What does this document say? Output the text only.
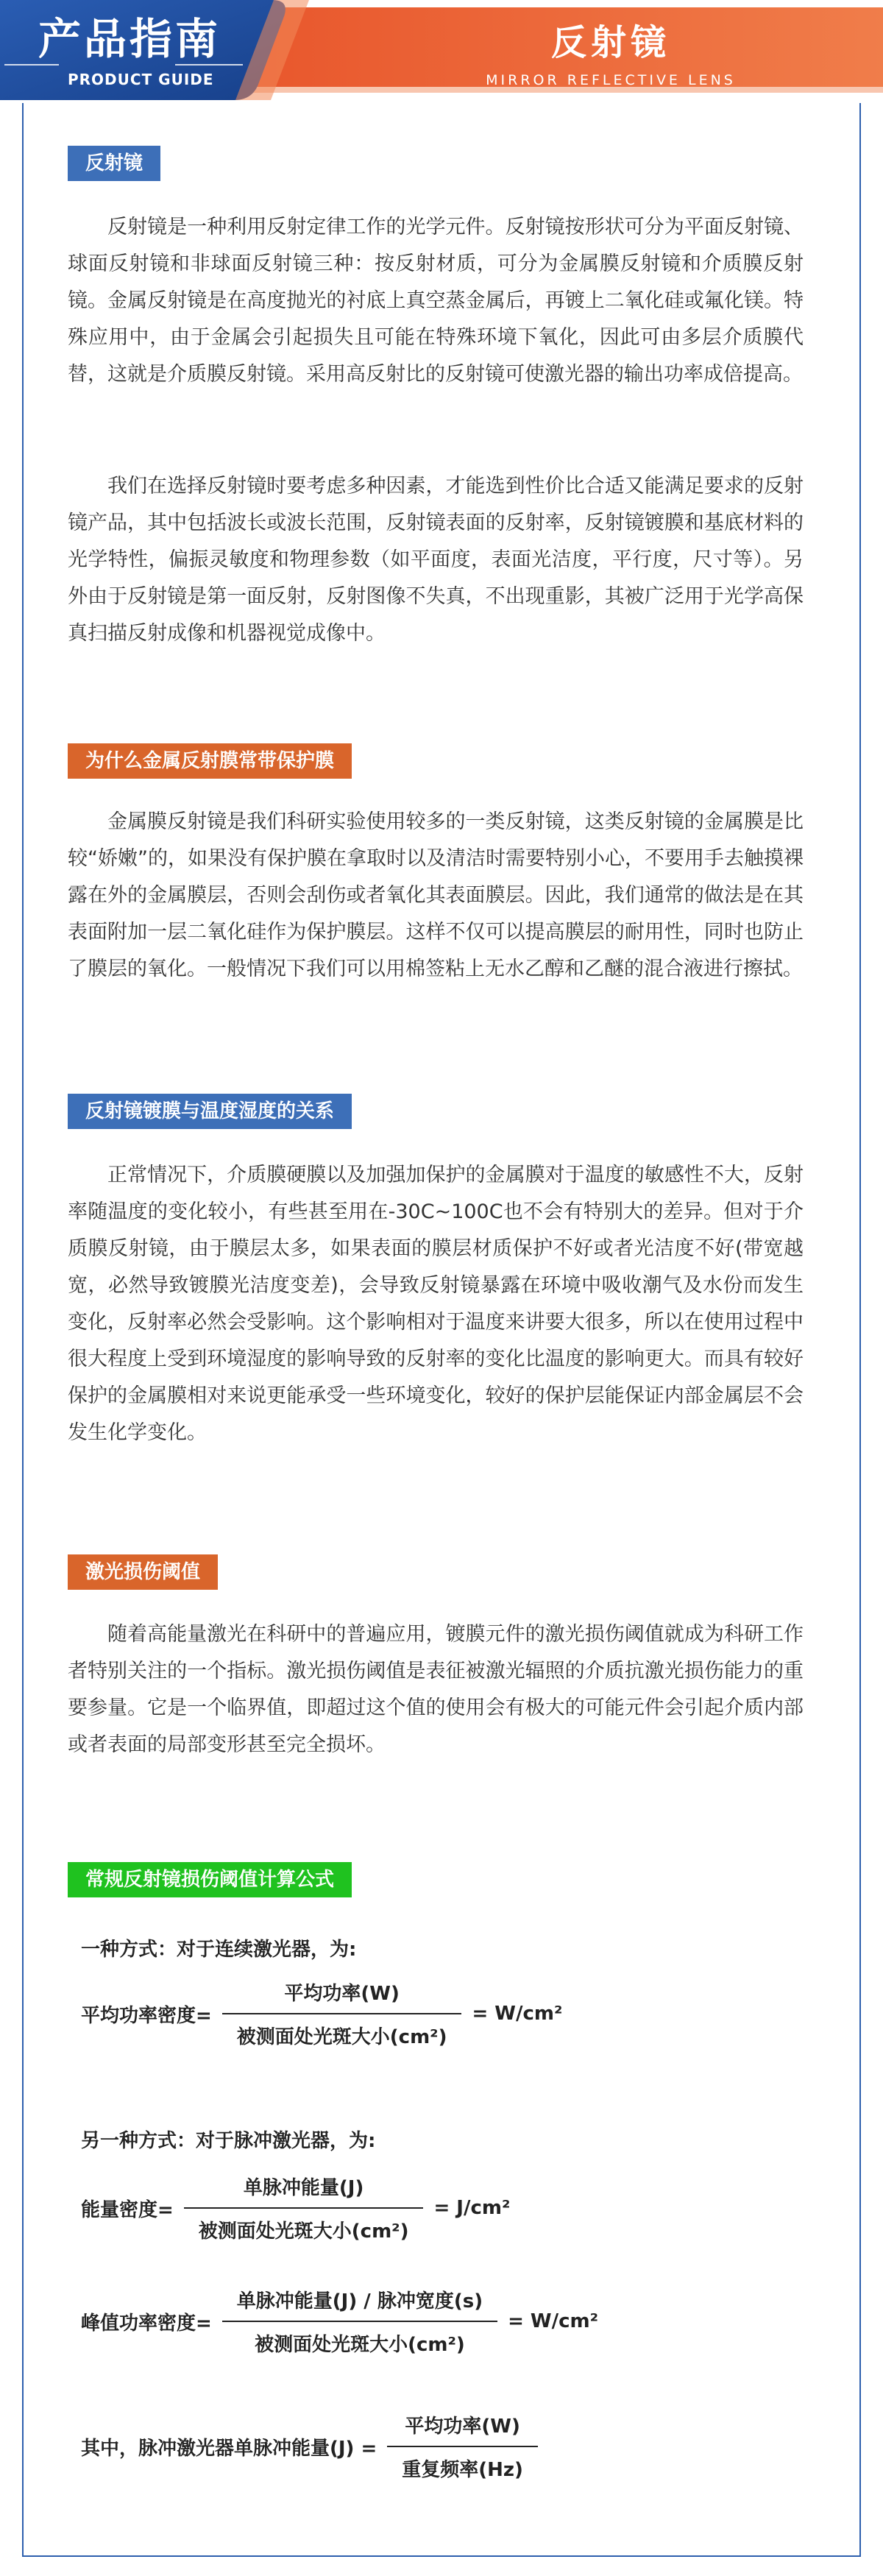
产品指南
PRODUCT GUIDE
反射镜
MIRROR REFLECTIVE LENS
反射镜

反射镜是一种利用反射定律工作的光学元件。反射镜按形状可分为平面反射镜、球面反射镜和非球面反射镜三种：按反射材质，可分为金属膜反射镜和介质膜反射镜。金属反射镜是在高度抛光的衬底上真空蒸金属后，再镀上二氧化硅或氟化镁。特殊应用中，由于金属会引起损失且可能在特殊环境下氧化，因此可由多层介质膜代替，这就是介质膜反射镜。采用高反射比的反射镜可使激光器的输出功率成倍提高。

我们在选择反射镜时要考虑多种因素，才能选到性价比合适又能满足要求的反射镜产品，其中包括波长或波长范围，反射镜表面的反射率，反射镜镀膜和基底材料的光学特性，偏振灵敏度和物理参数（如平面度，表面光洁度，平行度，尺寸等）。另外由于反射镜是第一面反射，反射图像不失真，不出现重影，其被广泛用于光学高保真扫描反射成像和机器视觉成像中。

为什么金属反射膜常带保护膜

金属膜反射镜是我们科研实验使用较多的一类反射镜，这类反射镜的金属膜是比较“娇嫩”的，如果没有保护膜在拿取时以及清洁时需要特别小心，不要用手去触摸裸露在外的金属膜层，否则会刮伤或者氧化其表面膜层。因此，我们通常的做法是在其表面附加一层二氧化硅作为保护膜层。这样不仅可以提高膜层的耐用性，同时也防止了膜层的氧化。一般情况下我们可以用棉签粘上无水乙醇和乙醚的混合液进行擦拭。

反射镜镀膜与温度湿度的关系

正常情况下，介质膜硬膜以及加强加保护的金属膜对于温度的敏感性不大，反射率随温度的变化较小，有些甚至用在-30C~100C也不会有特别大的差异。但对于介质膜反射镜，由于膜层太多，如果表面的膜层材质保护不好或者光洁度不好(带宽越宽，必然导致镀膜光洁度变差)，会导致反射镜暴露在环境中吸收潮气及水份而发生变化，反射率必然会受影响。这个影响相对于温度来讲要大很多，所以在使用过程中很大程度上受到环境湿度的影响导致的反射率的变化比温度的影响更大。而具有较好保护的金属膜相对来说更能承受一些环境变化，较好的保护层能保证内部金属层不会发生化学变化。

激光损伤阈值

随着高能量激光在科研中的普遍应用，镀膜元件的激光损伤阈值就成为科研工作者特别关注的一个指标。激光损伤阈值是表征被激光辐照的介质抗激光损伤能力的重要参量。它是一个临界值，即超过这个值的使用会有极大的可能元件会引起介质内部或者表面的局部变形甚至完全损坏。

常规反射镜损伤阈值计算公式
一种方式：对于连续激光器，为:
平均功率密度= $\frac{\text{平均功率(W)}}{\text{被测面处光斑大小(cm²)}} = W/cm^2$
另一种方式：对于脉冲激光器，为:
能量密度= $\frac{\text{单脉冲能量(J)}}{\text{被测面处光斑大小(cm²)}} = J/cm^2$
峰值功率密度= $\frac{\text{单脉冲能量(J) / 脉冲宽度(s)}}{\text{被测面处光斑大小(cm²)}} = W/cm^2$
其中，脉冲激光器单脉冲能量$(J) = \frac{\text{平均功率(W)}}{\text{重复频率(Hz)}}$
